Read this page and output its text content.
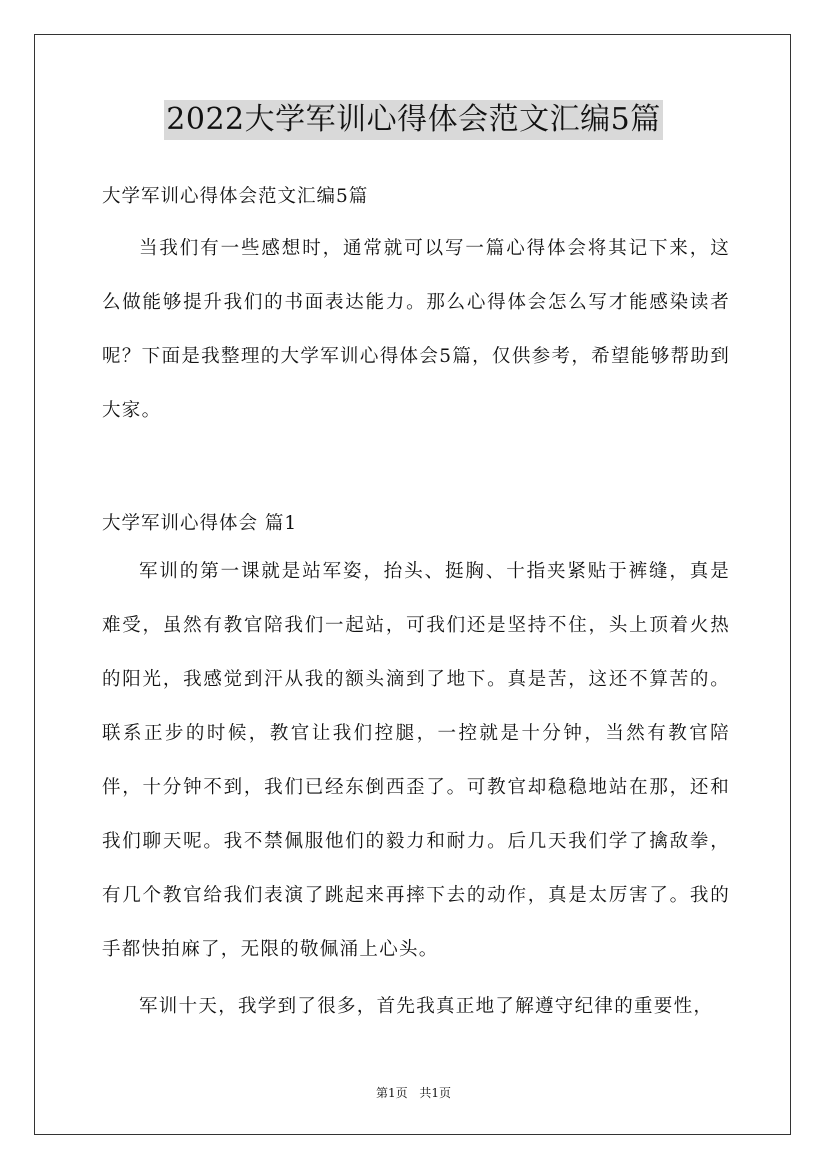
2022大学军训心得体会范文汇编5篇
大学军训心得体会范文汇编5篇

当我们有一些感想时，通常就可以写一篇心得体会将其记下来，这么做能够提升我们的书面表达能力。那么心得体会怎么写才能感染读者呢？下面是我整理的大学军训心得体会5篇，仅供参考，希望能够帮助到大家。

大学军训心得体会 篇1

军训的第一课就是站军姿，抬头、挺胸、十指夹紧贴于裤缝，真是难受，虽然有教官陪我们一起站，可我们还是坚持不住，头上顶着火热的阳光，我感觉到汗从我的额头滴到了地下。真是苦，这还不算苦的。联系正步的时候，教官让我们控腿，一控就是十分钟，当然有教官陪伴，十分钟不到，我们已经东倒西歪了。可教官却稳稳地站在那，还和我们聊天呢。我不禁佩服他们的毅力和耐力。后几天我们学了擒敌拳，有几个教官给我们表演了跳起来再摔下去的动作，真是太厉害了。我的手都快拍麻了，无限的敬佩涌上心头。

军训十天，我学到了很多，首先我真正地了解遵守纪律的重要性，

第1页 共1页
